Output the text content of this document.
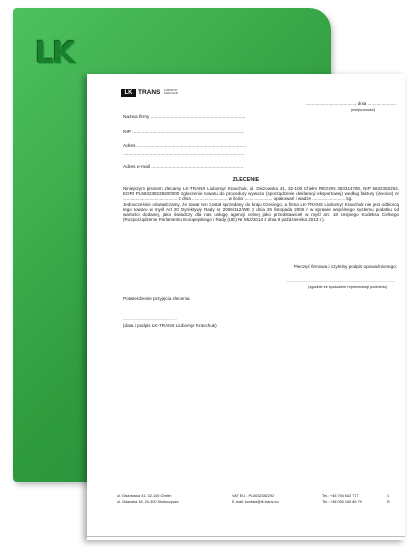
LK
LK TRANS LUBOMYR
KRAVCHUK
......................................., dnia .......................
(miejscowość)
Nazwa firmy .......................................................................
NIP ....................................................................................
Adres ..................................................................................
...........................................................................................
Adres e-mail .....................................................................
ZLECENIE

Niniejszym pismem zlecamy LK-TRANS Liubomyr Kravchuk, ul. Diszowska 41, 32-100 Chełm REGON 363314780, NIP 5632382292, EORI PL563238229200000 zgłoszenie towaru do procedury wywozu (sporządzenie deklaracji eksportowej) według faktury (invoice) nr ........................................... z dnia ............................ w ilości ...................... opakowań i wadze .......................... kg.

Jednocześnie oświadczamy, że towar ten został sprzedany do kraju trzeciego, a firma LK-TRANS Liubomyr Kravchuk nie jest odbiorcą tego towaru w myśl Art 20 Dyrektywy Rady nr 2006/112/WE z dnia 28 listopada 2006 r w sprawie wspólnego systemu podatku od wartości dodanej, jako świadczy dla nas usługę agencji celnej jako przedstawiciel w myśl art. 18 Unijnego Kodeksu Celnego (Rozporządzenie Parlamentu Europejskiego i Rady (UE) Nr 952/2013 z dnia 9 października 2013 r.).

Pieczęć firmowa i czytelny podpis upoważnionego:
.......................................................................................................
(zgodnie ze sposobem reprezentacji podmiotu)
Potwierdzenie przyjęcia zlecenia:
...................................................
(data i podpis LK-TRANS Liubomyr Kravchuk)
ul. Diszowska 41, 32-100 Chełm
ul. Gdańska 18, 20-300 Skołoczysze
VAT EU - PL5632382292
E-mail: kontakt@lk-trans.eu
Tel.: +48 794 642 777
Tel.: +38 050 165 89 79
1
R
